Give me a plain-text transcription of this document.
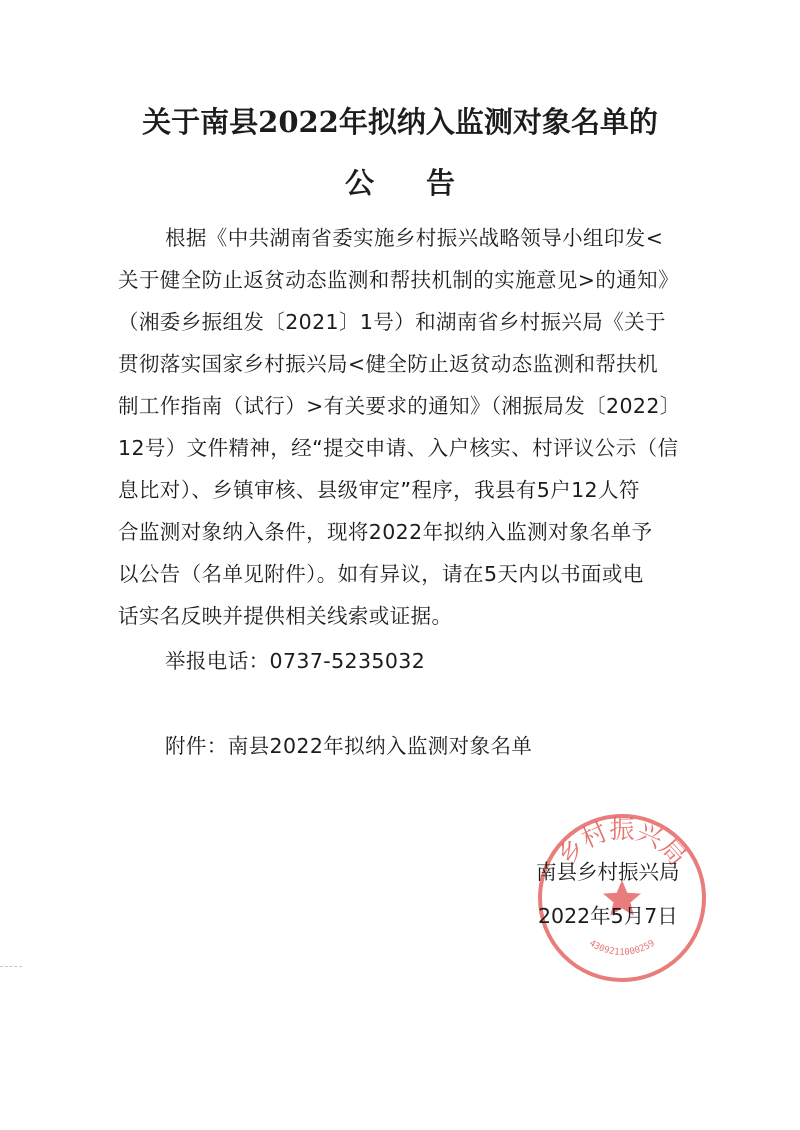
关于南县2022年拟纳入监测对象名单的
公告
根据《中共湖南省委实施乡村振兴战略领导小组印发<
关于健全防止返贫动态监测和帮扶机制的实施意见>的通知》
（湘委乡振组发〔2021〕1号）和湖南省乡村振兴局《关于
贯彻落实国家乡村振兴局<健全防止返贫动态监测和帮扶机
制工作指南（试行）>有关要求的通知》（湘振局发〔2022〕
12号）文件精神，经“提交申请、入户核实、村评议公示（信
息比对）、乡镇审核、县级审定”程序，我县有5户12人符
合监测对象纳入条件，现将2022年拟纳入监测对象名单予
以公告（名单见附件）。如有异议，请在5天内以书面或电
话实名反映并提供相关线索或证据。
举报电话：0737-5235032
附件：南县2022年拟纳入监测对象名单
乡村振兴局
4309211000259
南县乡村振兴局
2022年5月7日
